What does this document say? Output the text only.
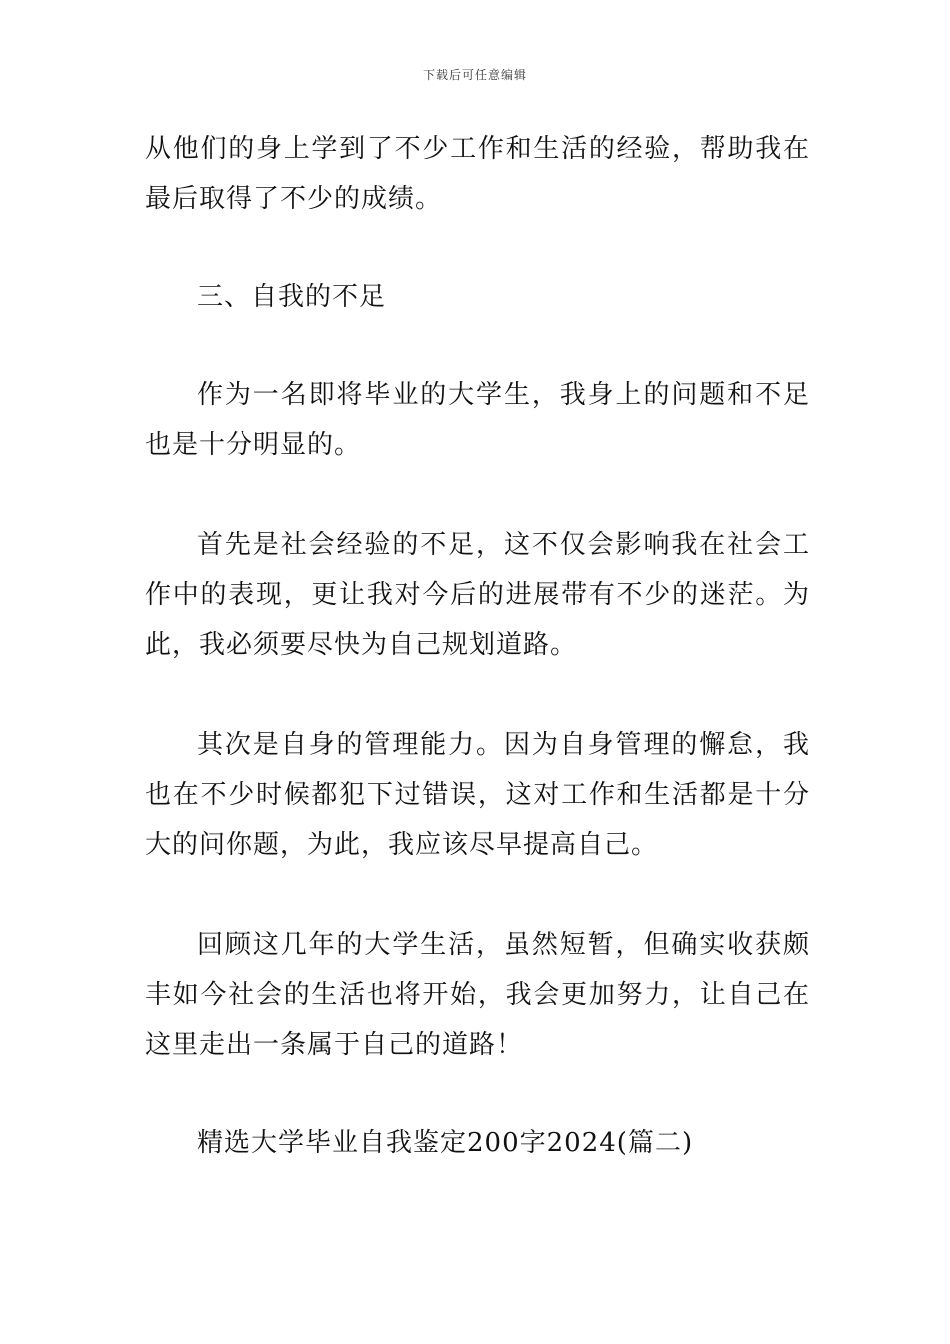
下载后可任意编辑

从他们的身上学到了不少工作和生活的经验，帮助我在最后取得了不少的成绩。

三、自我的不足

作为一名即将毕业的大学生，我身上的问题和不足也是十分明显的。

首先是社会经验的不足，这不仅会影响我在社会工作中的表现，更让我对今后的进展带有不少的迷茫。为此，我必须要尽快为自己规划道路。

其次是自身的管理能力。因为自身管理的懈怠，我也在不少时候都犯下过错误，这对工作和生活都是十分大的问你题，为此，我应该尽早提高自己。

回顾这几年的大学生活，虽然短暂，但确实收获颇丰如今社会的生活也将开始，我会更加努力，让自己在这里走出一条属于自己的道路！

精选大学毕业自我鉴定200字2024(篇二)
